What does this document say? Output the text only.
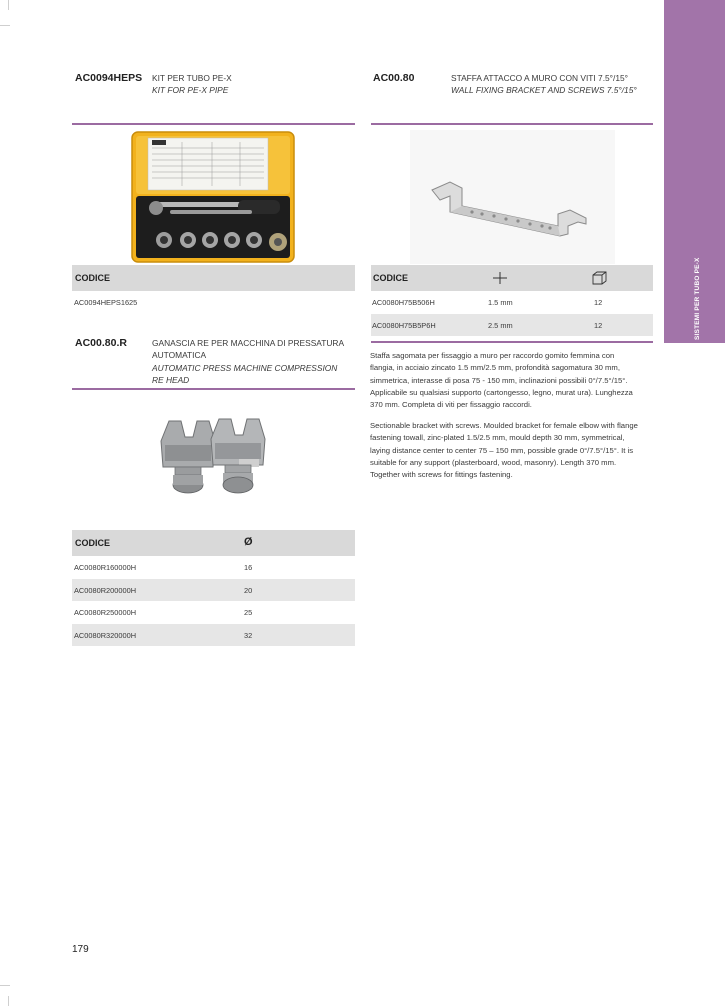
SISTEMI PER TUBO PE-X
AC0094HEPS KIT PER TUBO PE-X
KIT FOR PE-X PIPE
CODICE
AC0094HEPS1625
AC00.80.R	GANASCIA RE PER MACCHINA DI PRESSATURA AUTOMATICA
AUTOMATIC PRESS MACHINE COMPRESSION RE HEAD
CODICE	Ø
AC0080R160000H	16
AC0080R200000H	20
AC0080R250000H	25
AC0080R320000H	32
AC00.80	STAFFA ATTACCO A MURO CON VITI 7.5°/15°
WALL FIXING BRACKET AND SCREWS 7.5°/15°
CODICE
AC0080H75B506H	1.5 mm	12
AC0080H75B5P6H	2.5 mm	12
Staffa sagomata per fissaggio a muro per raccordo gomito femmina con flangia, in acciaio zincato 1.5 mm/2.5 mm, profondità sagomatura 30 mm, simmetrica, interasse di posa 75 - 150 mm, inclinazioni possibili 0°/7.5°/15°. Applicabile su qualsiasi supporto (cartongesso, legno, murat ura). Lunghezza 370 mm. Completa di viti per fissaggio raccordi.
Sectionable bracket with screws. Moulded bracket for female elbow with flange fastening towall, zinc-plated 1.5/2.5 mm, mould depth 30 mm, symmetrical, laying distance center to center 75 – 150 mm, possible grade 0°/7.5°/15°. It is suitable for any support (plasterboard, wood, masonry). Length 370 mm. Together with screws for fittings fastening.
179
